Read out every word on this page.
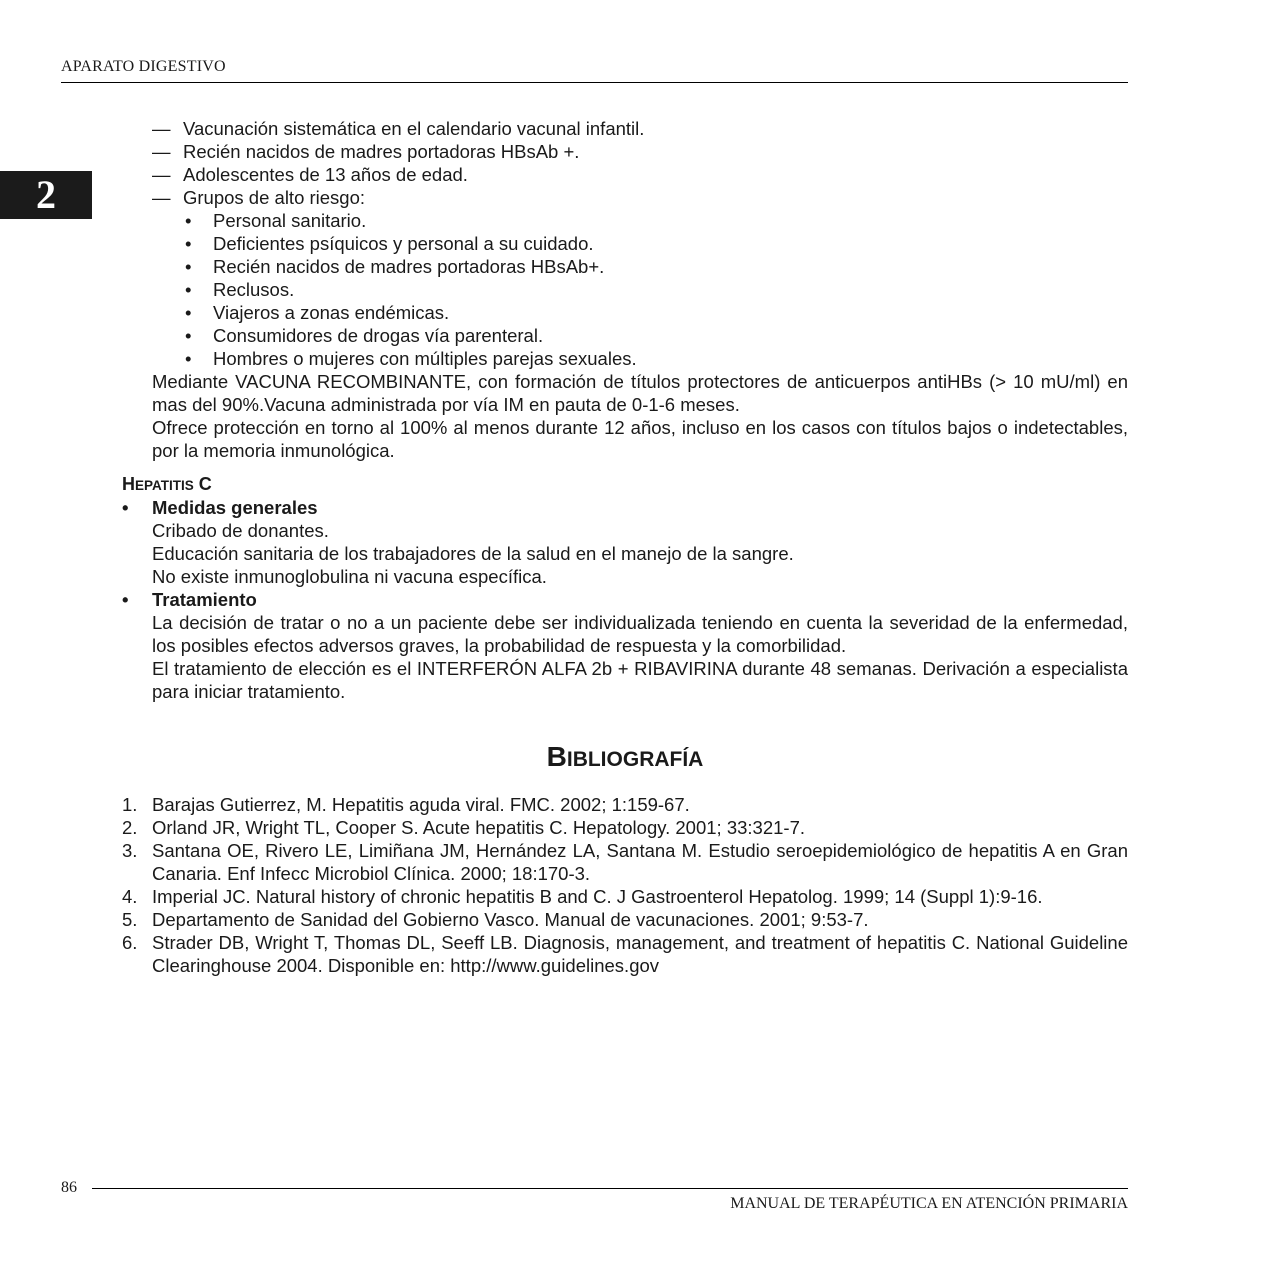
APARATO DIGESTIVO
2
— Vacunación sistemática en el calendario vacunal infantil.
— Recién nacidos de madres portadoras HBsAb +.
— Adolescentes de 13 años de edad.
— Grupos de alto riesgo:
• Personal sanitario.
• Deficientes psíquicos y personal a su cuidado.
• Recién nacidos de madres portadoras HBsAb+.
• Reclusos.
• Viajeros a zonas endémicas.
• Consumidores de drogas vía parenteral.
• Hombres o mujeres con múltiples parejas sexuales.
Mediante VACUNA RECOMBINANTE, con formación de títulos protectores de anticuerpos antiHBs (> 10 mU/ml) en mas del 90%.Vacuna administrada por vía IM en pauta de 0-1-6 meses.
Ofrece protección en torno al 100% al menos durante 12 años, incluso en los casos con títulos bajos o indetectables, por la memoria inmunológica.
HEPATITIS C
• Medidas generales
Cribado de donantes.
Educación sanitaria de los trabajadores de la salud en el manejo de la sangre.
No existe inmunoglobulina ni vacuna específica.
• Tratamiento
La decisión de tratar o no a un paciente debe ser individualizada teniendo en cuenta la severidad de la enfermedad, los posibles efectos adversos graves, la probabilidad de respuesta y la comorbilidad.
El tratamiento de elección es el INTERFERÓN ALFA 2b + RIBAVIRINA durante 48 semanas. Derivación a especialista para iniciar tratamiento.
BIBLIOGRAFÍA
1. Barajas Gutierrez, M. Hepatitis aguda viral. FMC. 2002; 1:159-67.
2. Orland JR, Wright TL, Cooper S. Acute hepatitis C. Hepatology. 2001; 33:321-7.
3. Santana OE, Rivero LE, Limiñana JM, Hernández LA, Santana M. Estudio seroepidemiológico de hepatitis A en Gran Canaria. Enf Infecc Microbiol Clínica. 2000; 18:170-3.
4. Imperial JC. Natural history of chronic hepatitis B and C. J Gastroenterol Hepatolog. 1999; 14 (Suppl 1):9-16.
5. Departamento de Sanidad del Gobierno Vasco. Manual de vacunaciones. 2001; 9:53-7.
6. Strader DB, Wright T, Thomas DL, Seeff LB. Diagnosis, management, and treatment of hepatitis C. National Guideline Clearinghouse 2004. Disponible en: http://www.guidelines.gov
86
MANUAL DE TERAPÉUTICA EN ATENCIÓN PRIMARIA
